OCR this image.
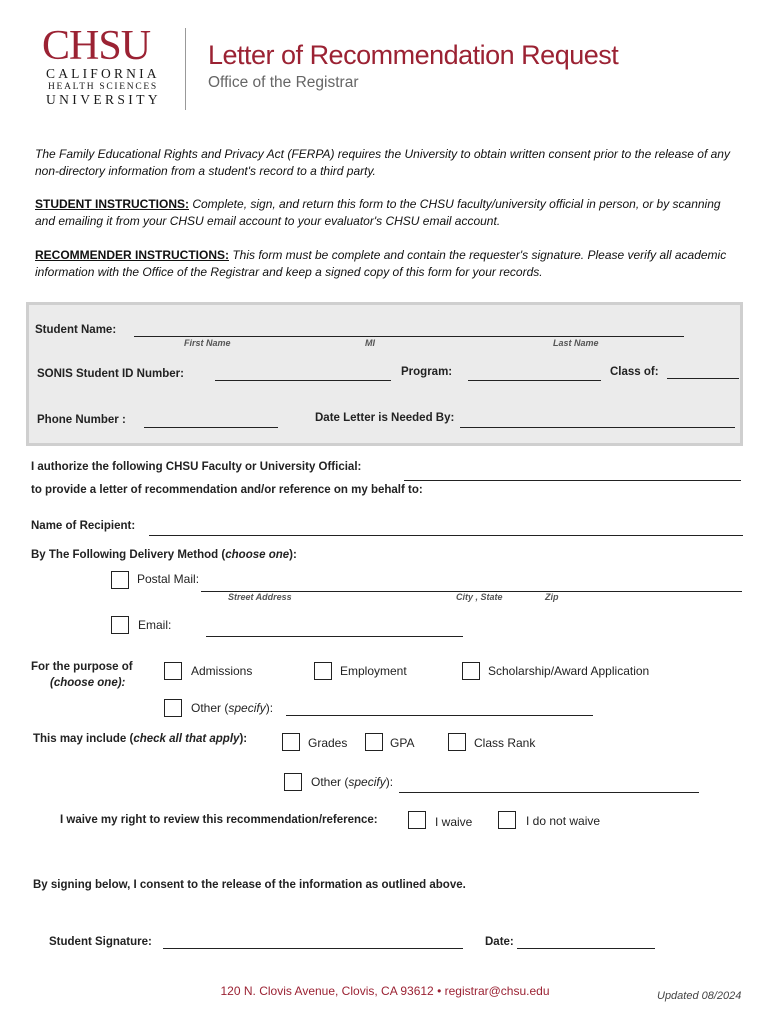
CHSU
CALIFORNIA
HEALTH SCIENCES
UNIVERSITY
Letter of Recommendation Request
Office of the Registrar
The Family Educational Rights and Privacy Act (FERPA) requires the University to obtain written consent prior to the release of any non-directory information from a student's record to a third party.
STUDENT INSTRUCTIONS: Complete, sign, and return this form to the CHSU faculty/university official in person, or by scanning and emailing it from your CHSU email account to your evaluator's CHSU email account.
RECOMMENDER INSTRUCTIONS: This form must be complete and contain the requester's signature. Please verify all academic information with the Office of the Registrar and keep a signed copy of this form for your records.
Student Name:
First Name	MI	Last Name
SONIS Student ID Number:	Program:	Class of:
Phone Number :	Date Letter is Needed By:
I authorize the following CHSU Faculty or University Official:
to provide a letter of recommendation and/or reference on my behalf to:
Name of Recipient:
By The Following Delivery Method (choose one):
Postal Mail:
Street Address	City , State	Zip
Email:
For the purpose of
(choose one):
Admissions	Employment	Scholarship/Award Application
Other (specify):
This may include (check all that apply):	Grades	GPA	Class Rank
Other (specify):
I waive my right to review this recommendation/reference:	I waive	I do not waive
By signing below, I consent to the release of the information as outlined above.
Student Signature:	Date:
120 N. Clovis Avenue, Clovis, CA 93612 • registrar@chsu.edu	Updated 08/2024
